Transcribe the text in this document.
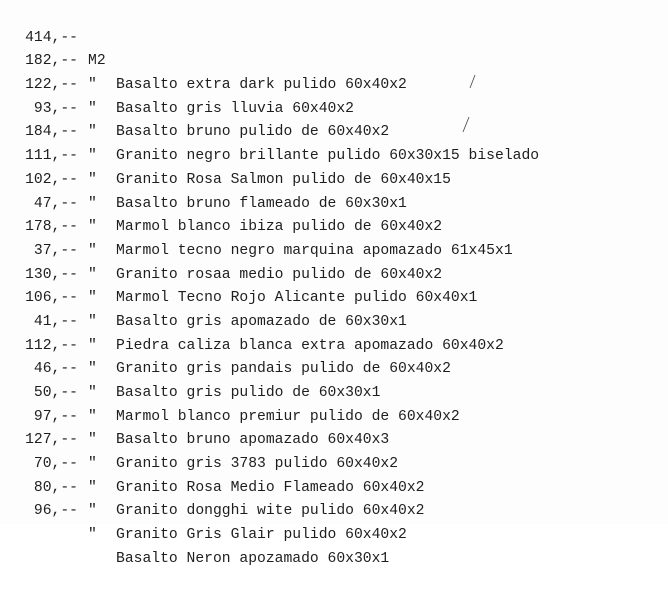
414,--

M2

Basalto extra dark pulido 60x40x2

182,--

"

Basalto gris lluvia 60x40x2

122,--

"

Basalto bruno pulido de 60x40x2

93,--

"

Granito negro brillante pulido 60x30x15 biselado

184,--

"

Granito Rosa Salmon pulido de 60x40x15

111,--

"

Basalto bruno flameado de 60x30x1

102,--

"

Marmol blanco ibiza pulido de 60x40x2

47,--

"

Marmol tecno negro marquina apomazado 61x45x1

178,--

"

Granito rosaa medio pulido de 60x40x2

37,--

"

Marmol Tecno Rojo Alicante pulido 60x40x1

130,--

"

Basalto gris apomazado de 60x30x1

106,--

"

Piedra caliza blanca extra apomazado 60x40x2

41,--

"

Granito gris pandais pulido de 60x40x2

112,--

"

Basalto gris pulido de 60x30x1

46,--

"

Marmol blanco premiur pulido de 60x40x2

50,--

"

Basalto bruno apomazado 60x40x3

97,--

"

Granito gris 3783 pulido 60x40x2

127,--

"

Granito Rosa Medio Flameado 60x40x2

70,--

"

Granito dongghi wite pulido 60x40x2

80,--

"

Granito Gris Glair pulido 60x40x2

96,--

"

Basalto Neron apozamado 60x30x1
